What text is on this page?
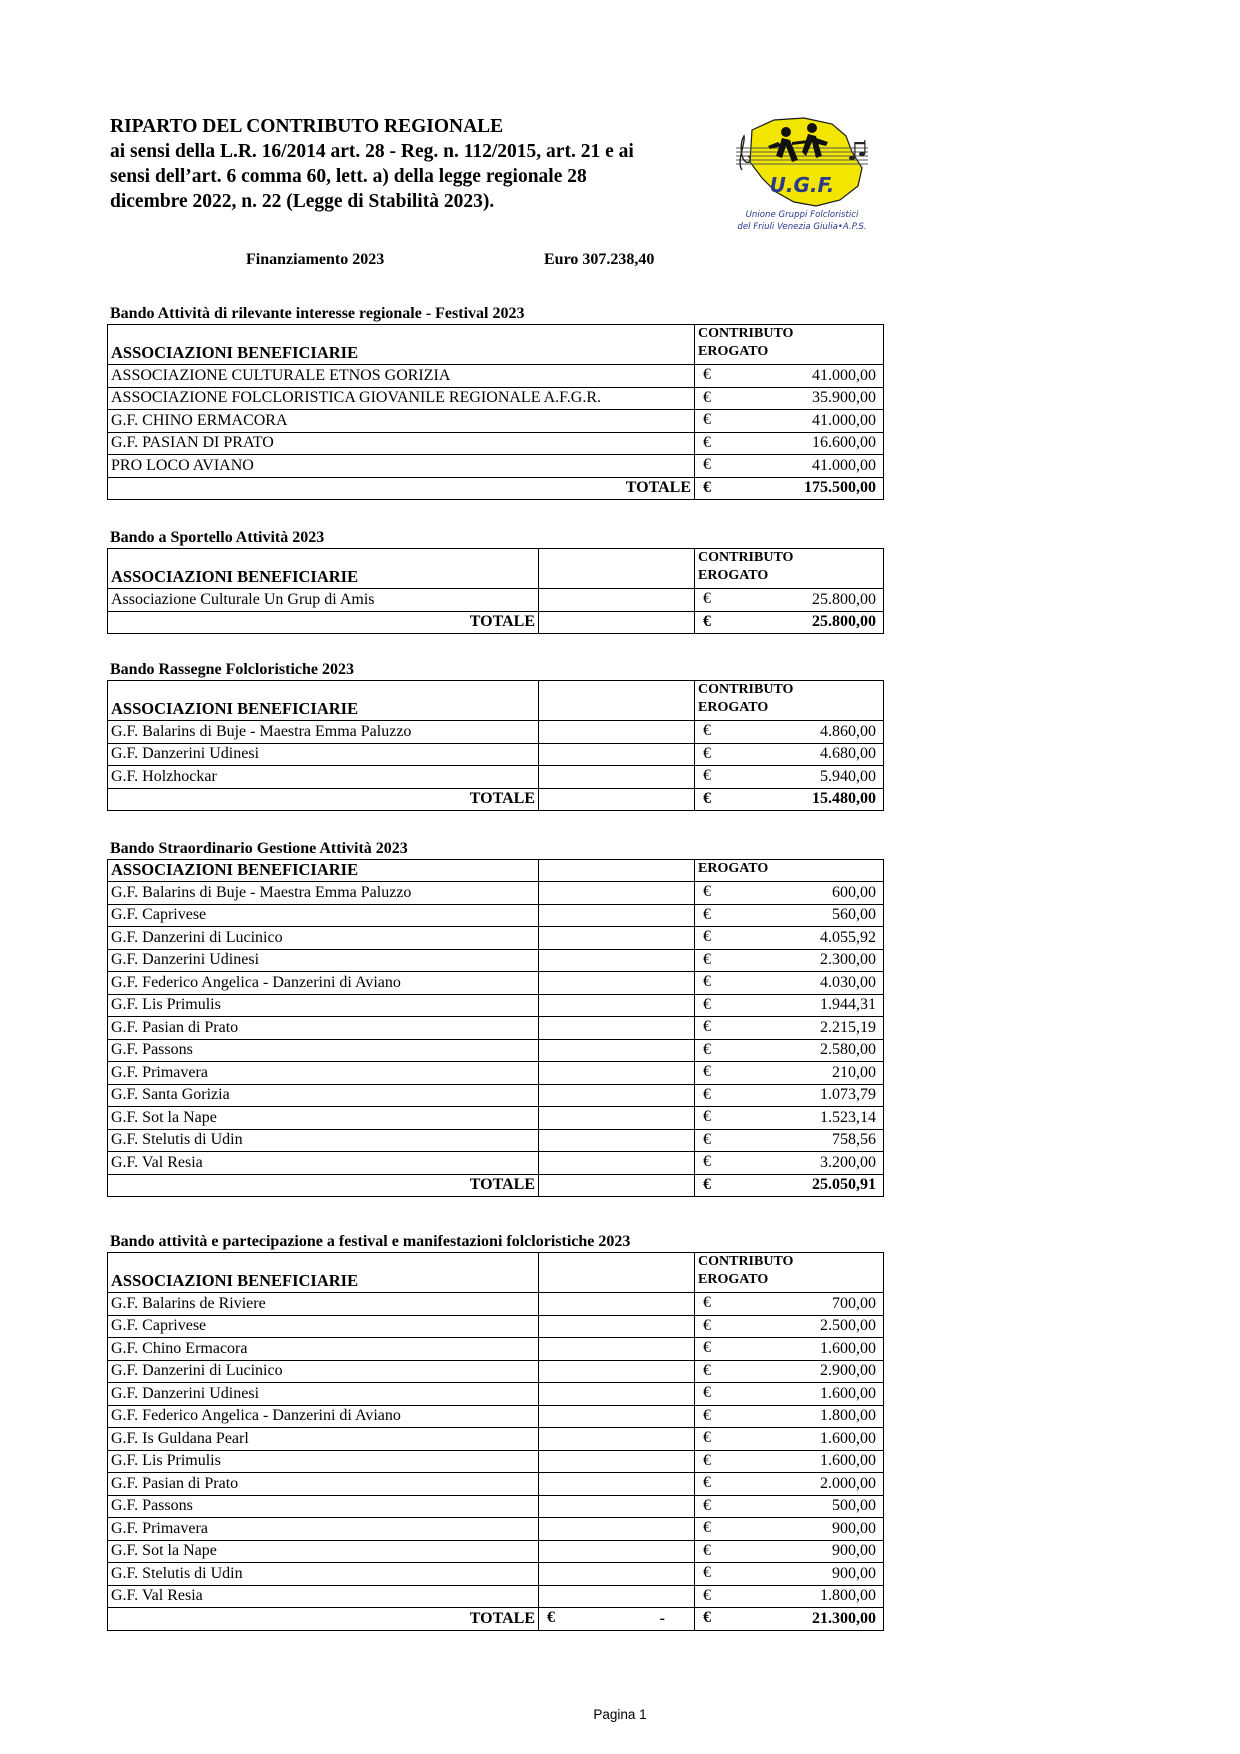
RIPARTO DEL CONTRIBUTO REGIONALE

ai sensi della L.R. 16/2014 art. 28 - Reg. n. 112/2015, art. 21 e ai

sensi dell’art. 6 comma 60, lett. a) della legge regionale 28

dicembre 2022, n. 22 (Legge di Stabilità 2023).

U.G.F.
Unione Gruppi Folcloristici
del Friuli Venezia Giulia•A.P.S.
Finanziamento 2023	Euro 307.238,40
Bando Attività di rilevante interesse regionale - Festival 2023
ASSOCIAZIONI BENEFICIARIE	CONTRIBUTO
EROGATO
ASSOCIAZIONE CULTURALE ETNOS GORIZIA	€ 41.000,00

ASSOCIAZIONE FOLCLORISTICA GIOVANILE REGIONALE A.F.G.R.	€ 35.900,00

G.F. CHINO ERMACORA	€ 41.000,00

G.F. PASIAN DI PRATO	€ 16.600,00

PRO LOCO AVIANO	€ 41.000,00

TOTALE	€ 175.500,00
Bando a Sportello Attività 2023
ASSOCIAZIONI BENEFICIARIE		CONTRIBUTO
EROGATO
Associazione Culturale Un Grup di Amis		€ 25.800,00

TOTALE		€ 25.800,00
Bando Rassegne Folcloristiche 2023
ASSOCIAZIONI BENEFICIARIE		CONTRIBUTO
EROGATO
G.F. Balarins di Buje - Maestra Emma Paluzzo		€ 4.860,00

G.F. Danzerini Udinesi		€ 4.680,00

G.F. Holzhockar		€ 5.940,00

TOTALE		€ 15.480,00
Bando Straordinario Gestione Attività 2023
ASSOCIAZIONI BENEFICIARIE		EROGATO
G.F. Balarins di Buje - Maestra Emma Paluzzo		€ 600,00

G.F. Caprivese		€ 560,00

G.F. Danzerini di Lucinico		€ 4.055,92

G.F. Danzerini Udinesi		€ 2.300,00

G.F. Federico Angelica - Danzerini di Aviano		€ 4.030,00

G.F. Lis Primulis		€ 1.944,31

G.F. Pasian di Prato		€ 2.215,19

G.F. Passons		€ 2.580,00

G.F. Primavera		€ 210,00

G.F. Santa Gorizia		€ 1.073,79

G.F. Sot la Nape		€ 1.523,14

G.F. Stelutis di Udin		€ 758,56

G.F. Val Resia		€ 3.200,00

TOTALE		€ 25.050,91
Bando attività e partecipazione a festival e manifestazioni folcloristiche 2023
ASSOCIAZIONI BENEFICIARIE		CONTRIBUTO
EROGATO
G.F. Balarins de Riviere		€ 700,00

G.F. Caprivese		€ 2.500,00

G.F. Chino Ermacora		€ 1.600,00

G.F. Danzerini di Lucinico		€ 2.900,00

G.F. Danzerini Udinesi		€ 1.600,00

G.F. Federico Angelica - Danzerini di Aviano		€ 1.800,00

G.F. Is Guldana Pearl		€ 1.600,00

G.F. Lis Primulis		€ 1.600,00

G.F. Pasian di Prato		€ 2.000,00

G.F. Passons		€ 500,00

G.F. Primavera		€ 900,00

G.F. Sot la Nape		€ 900,00

G.F. Stelutis di Udin		€ 900,00

G.F. Val Resia		€ 1.800,00

TOTALE	€ -	€ 21.300,00
Pagina 1
